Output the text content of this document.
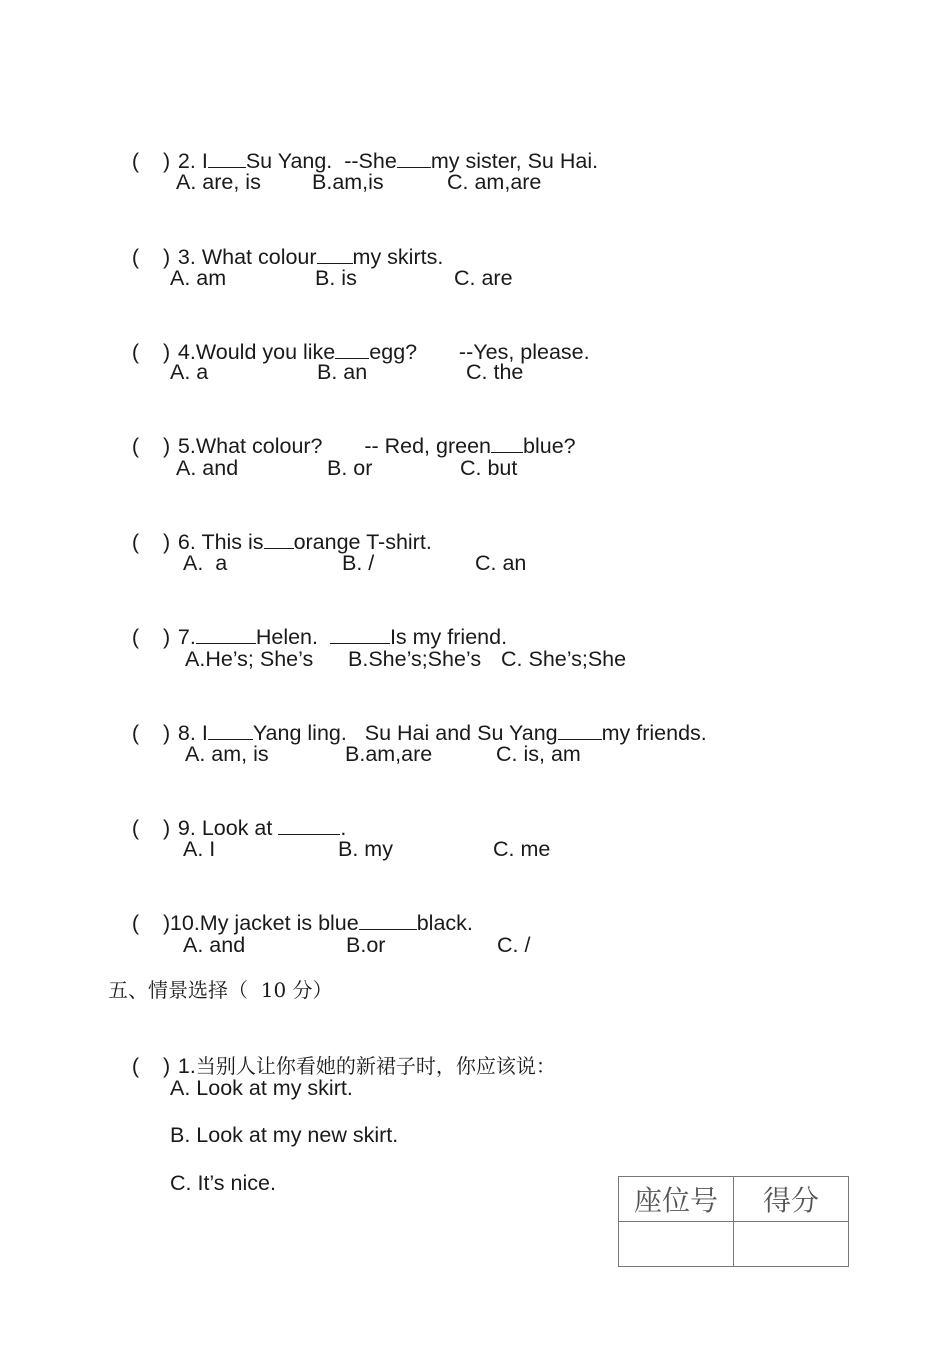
(    ) 2. I Su Yang.  --She my sister, Su Hai.

A. are, is

B.am,is

	C. am,are

(    ) 3. What colour my skirts.

A. am

	B. is

	C. are

(    ) 4.Would you like egg?       --Yes, please.

A. a

	B. an

	C. the

(    ) 5.What colour?       -- Red, green blue?

A. and

	B. or

	C. but

(    ) 6. This is orange T-shirt.

A.  a

	B. /

	C. an

(    ) 7.	Helen.	Is my friend.

A.He’s; She’s

B.She’s;She’s

C. She’s;She

(    ) 8. I Yang ling.   Su Hai and Su Yang my friends.

A. am, is

	B.am,are

	C. is, am

(    ) 9. Look at	.

A. I

	B. my

	C. me

(    )10.My jacket is blue	black.

A. and

	B.or

	C. /

五、情景选择（  10 分）

(    ) 1.当别人让你看她的新裙子时，你应该说：

A. Look at my skirt.
B. Look at my new skirt.
C. It’s nice.
座位号	得分
